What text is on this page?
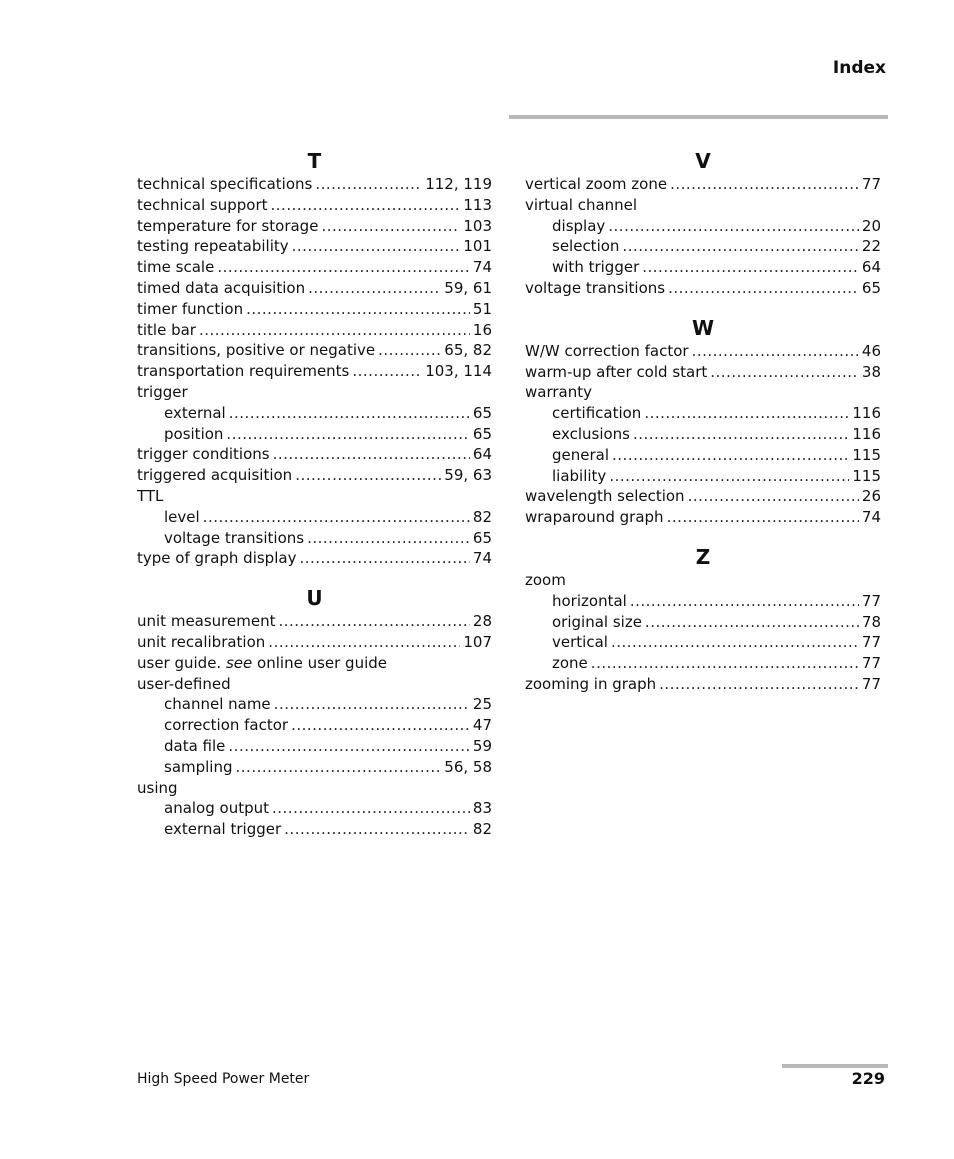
Index
T
technical specifications .....	112, 119
technical support .....	113
temperature for storage .....	103
testing repeatability .....	101
time scale .....	74
timed data acquisition .....	59, 61
timer function .....	51
title bar .....	16
transitions, positive or negative .....	65, 82
transportation requirements .....	103, 114
trigger
external .....	65
position .....	65
trigger conditions .....	64
triggered acquisition .....	59, 63
TTL
level .....	82
voltage transitions .....	65
type of graph display .....	74
U
unit measurement .....	28
unit recalibration .....	107
user guide. see online user guide
user-defined
channel name .....	25
correction factor .....	47
data file .....	59
sampling .....	56, 58
using
analog output .....	83
external trigger .....	82
V
vertical zoom zone .....	77
virtual channel
display .....	20
selection .....	22
with trigger .....	64
voltage transitions .....	65
W
W/W correction factor .....	46
warm-up after cold start .....	38
warranty
certification .....	116
exclusions .....	116
general .....	115
liability .....	115
wavelength selection .....	26
wraparound graph .....	74
Z
zoom
horizontal .....	77
original size .....	78
vertical .....	77
zone .....	77
zooming in graph .....	77
High Speed Power Meter	229
